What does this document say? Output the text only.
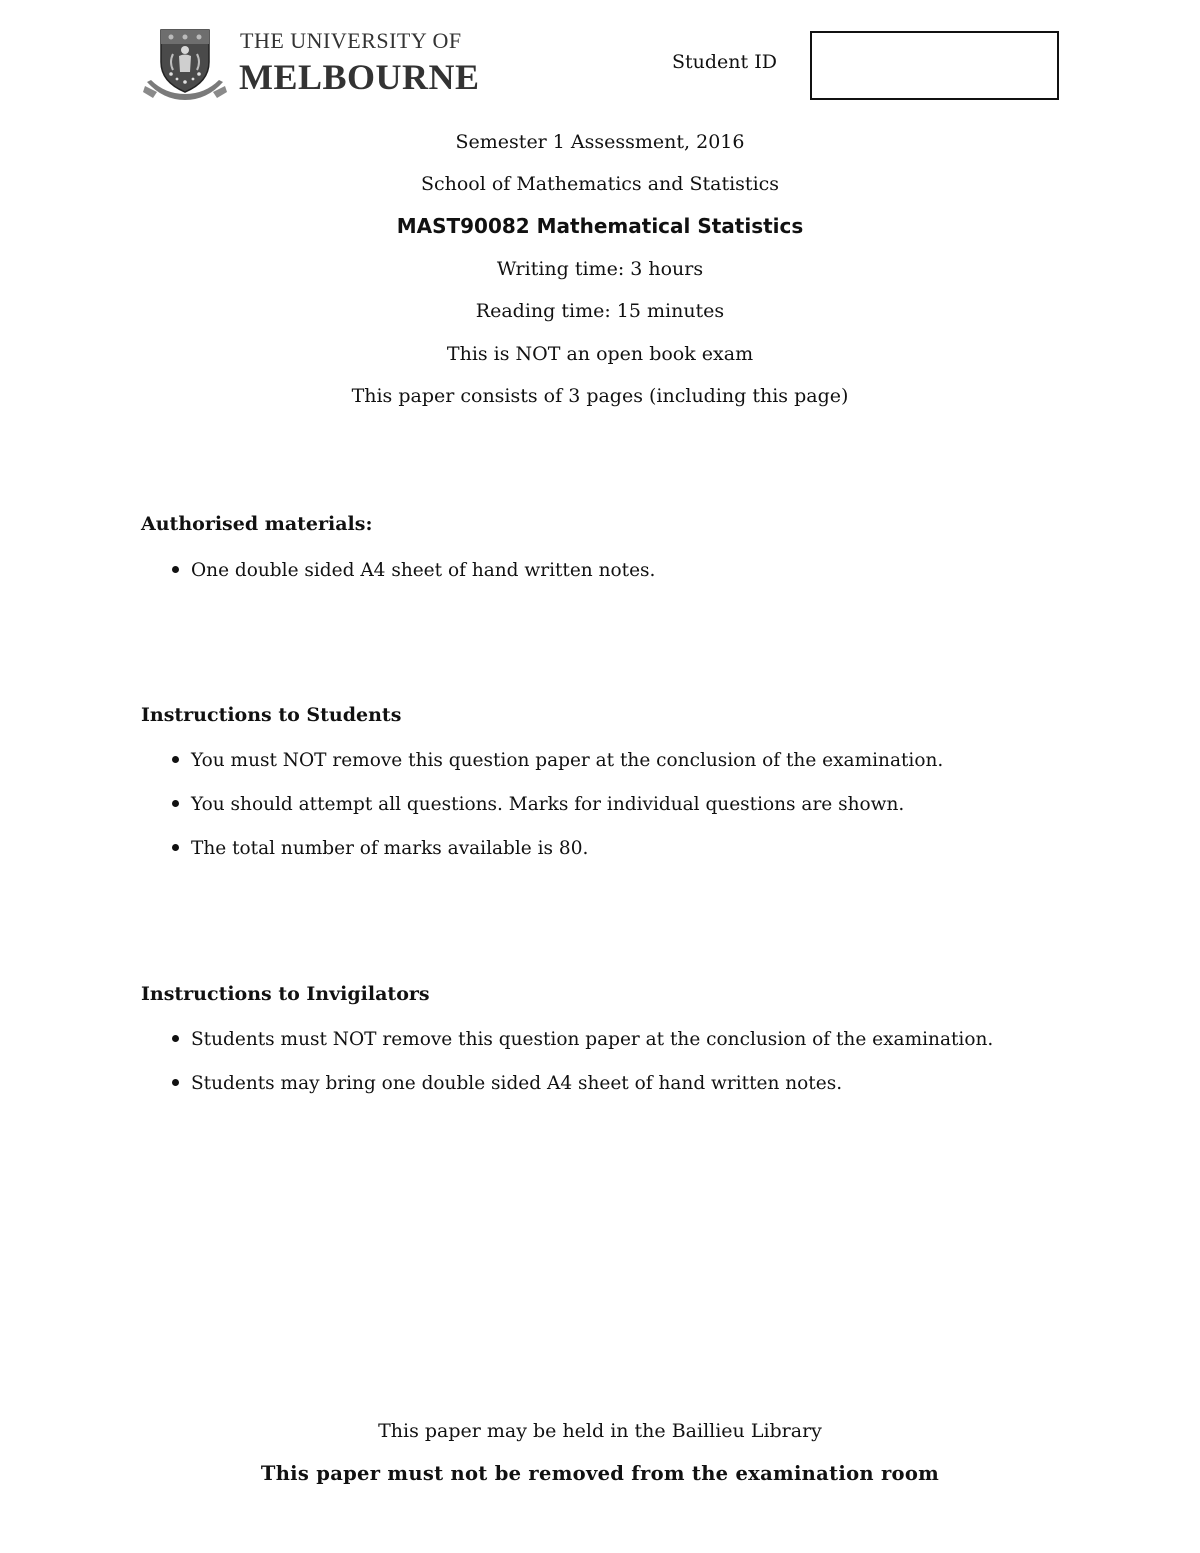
THE UNIVERSITY OF
MELBOURNE	Student ID
Semester 1 Assessment, 2016
School of Mathematics and Statistics
MAST90082 Mathematical Statistics
Writing time: 3 hours
Reading time: 15 minutes
This is NOT an open book exam
This paper consists of 3 pages (including this page)
Authorised materials:
One double sided A4 sheet of hand written notes.
Instructions to Students
You must NOT remove this question paper at the conclusion of the examination.
You should attempt all questions. Marks for individual questions are shown.
The total number of marks available is 80.
Instructions to Invigilators
Students must NOT remove this question paper at the conclusion of the examination.
Students may bring one double sided A4 sheet of hand written notes.
This paper may be held in the Baillieu Library
This paper must not be removed from the examination room
